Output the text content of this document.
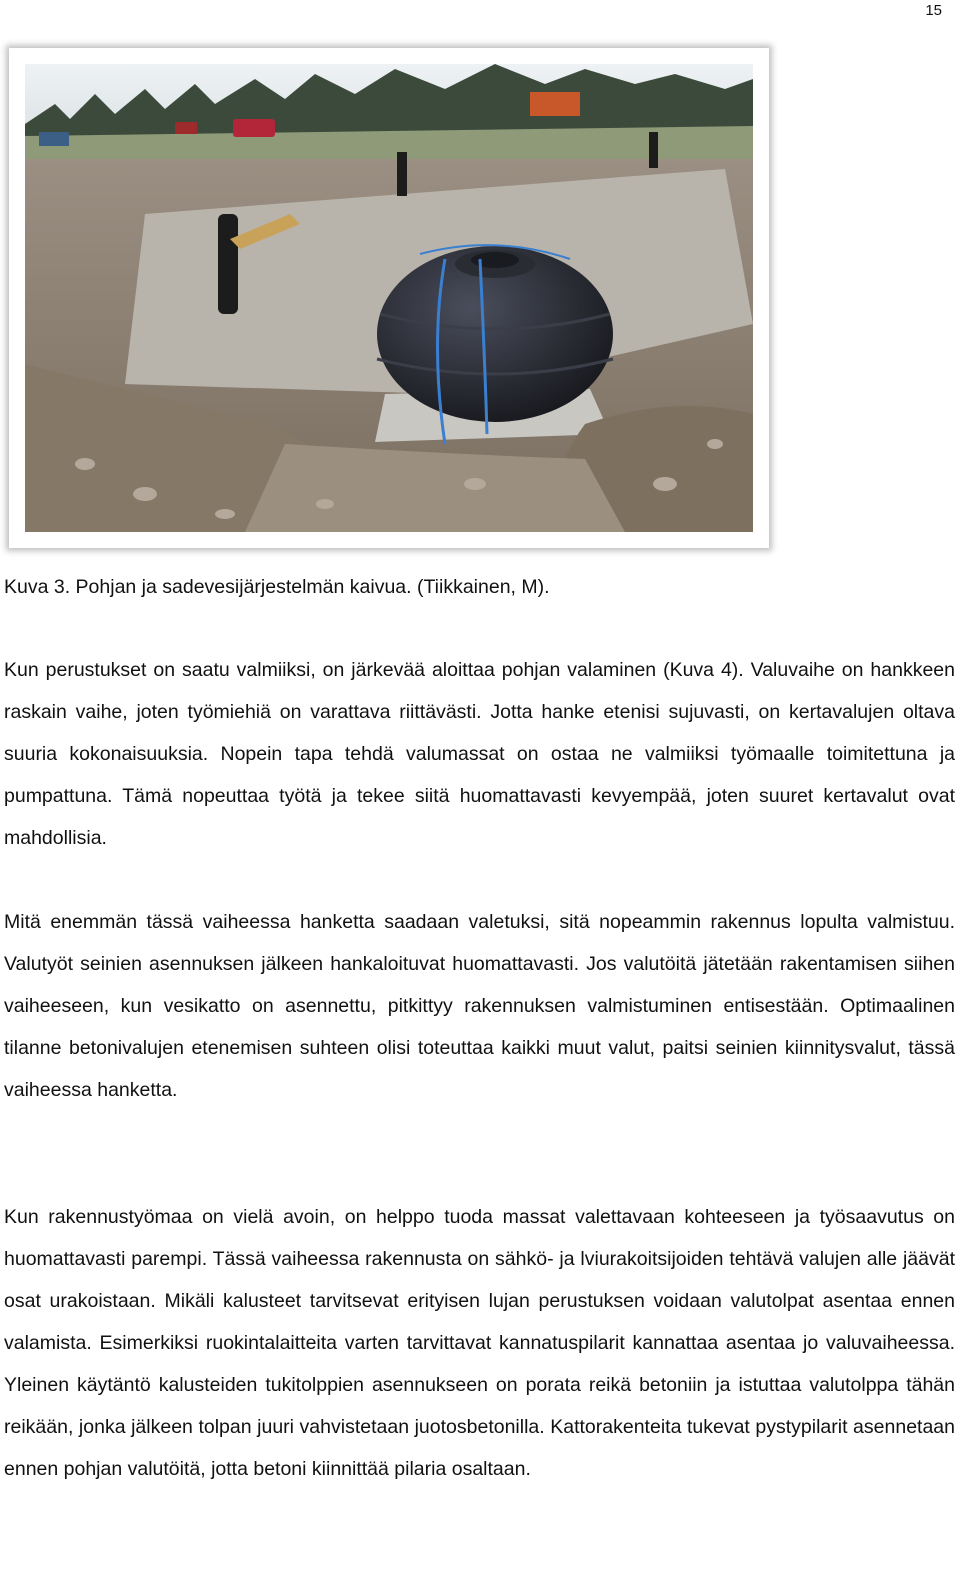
15
Kuva 3. Pohjan ja sadevesijärjestelmän kaivua. (Tiikkainen, M).
Kun perustukset on saatu valmiiksi, on järkevää aloittaa pohjan valaminen (Kuva 4). Valuvaihe on hankkeen raskain vaihe, joten työmiehiä on varattava riittävästi. Jotta hanke etenisi sujuvasti, on kertavalujen oltava suuria kokonaisuuksia. Nopein tapa tehdä valumassat on ostaa ne valmiiksi työmaalle toimitettuna ja pumpattuna. Tämä nopeuttaa työtä ja tekee siitä huomattavasti kevyempää, joten suuret kertavalut ovat mahdollisia.
Mitä enemmän tässä vaiheessa hanketta saadaan valetuksi, sitä nopeammin rakennus lopulta valmistuu. Valutyöt seinien asennuksen jälkeen hankaloituvat huomattavasti. Jos valutöitä jätetään rakentamisen siihen vaiheeseen, kun vesikatto on asennettu, pitkittyy rakennuksen valmistuminen entisestään. Optimaalinen tilanne betonivalujen etenemisen suhteen olisi toteuttaa kaikki muut valut, paitsi seinien kiinnitysvalut, tässä vaiheessa hanketta.
Kun rakennustyömaa on vielä avoin, on helppo tuoda massat valettavaan kohteeseen ja työsaavutus on huomattavasti parempi. Tässä vaiheessa rakennusta on sähkö- ja lviurakoitsijoiden tehtävä valujen alle jäävät osat urakoistaan. Mikäli kalusteet tarvitsevat erityisen lujan perustuksen voidaan valutolpat asentaa ennen valamista. Esimerkiksi ruokintalaitteita varten tarvittavat kannatuspilarit kannattaa asentaa jo valuvaiheessa. Yleinen käytäntö kalusteiden tukitolppien asennukseen on porata reikä betoniin ja istuttaa valutolppa tähän reikään, jonka jälkeen tolpan juuri vahvistetaan juotosbetonilla. Kattorakenteita tukevat pystypilarit asennetaan ennen pohjan valutöitä, jotta betoni kiinnittää pilaria osaltaan.
